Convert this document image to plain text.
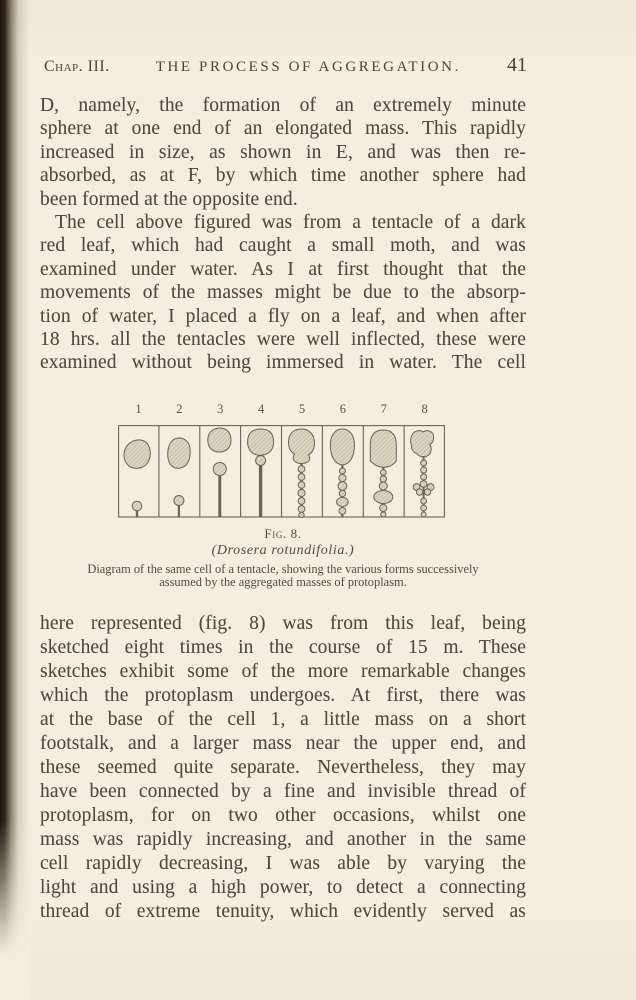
Chap. III.	THE PROCESS OF AGGREGATION. 41
D, namely, the formation of an extremely minute
sphere at one end of an elongated mass. This rapidly
increased in size, as shown in E, and was then re-
absorbed, as at F, by which time another sphere had
been formed at the opposite end.
The cell above figured was from a tentacle of a dark
red leaf, which had caught a small moth, and was
examined under water. As I at first thought that the
movements of the masses might be due to the absorp-
tion of water, I placed a fly on a leaf, and when after
18 hrs. all the tentacles were well inflected, these were
examined without being immersed in water. The cell
1	2	3	4	5	6	7	8
Fig. 8.
(Drosera rotundifolia.)
Diagram of the same cell of a tentacle, showing the various forms successively
assumed by the aggregated masses of protoplasm.
here represented (fig. 8) was from this leaf, being
sketched eight times in the course of 15 m. These
sketches exhibit some of the more remarkable changes
which the protoplasm undergoes. At first, there was
at the base of the cell 1, a little mass on a short
footstalk, and a larger mass near the upper end, and
these seemed quite separate. Nevertheless, they may
have been connected by a fine and invisible thread of
protoplasm, for on two other occasions, whilst one
mass was rapidly increasing, and another in the same
cell rapidly decreasing, I was able by varying the
light and using a high power, to detect a connecting
thread of extreme tenuity, which evidently served as
